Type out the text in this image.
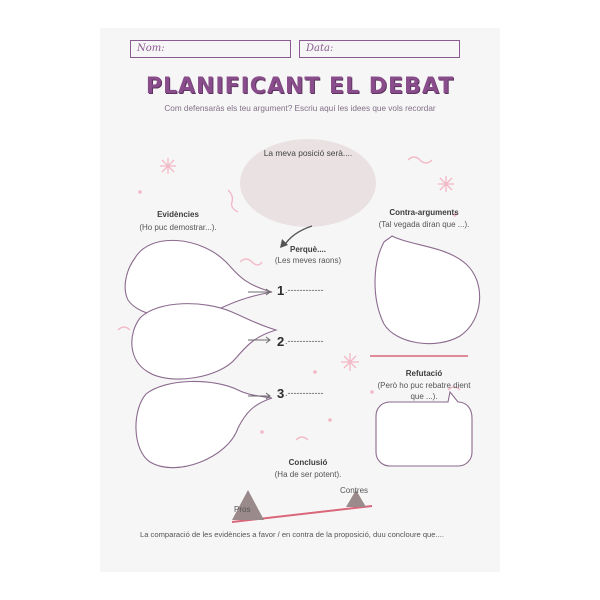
Nom:	Data:
PLANIFICANT EL DEBAT
Com defensaràs els teu argument? Escriu aquí les idees que vols recordar
La meva posició serà....
Evidències
(Ho puc demostrar...).
Perquè....
(Les meves raons)
1 .------------
2 .------------
3 .------------
Contra-arguments
(Tal vegada diran que ...).
Refutació
(Però ho puc rebatre dient
que ...).
Conclusió
(Ha de ser potent).
Pros
Contres
La comparació de les evidències a favor / en contra de la proposició, duu concloure que....
